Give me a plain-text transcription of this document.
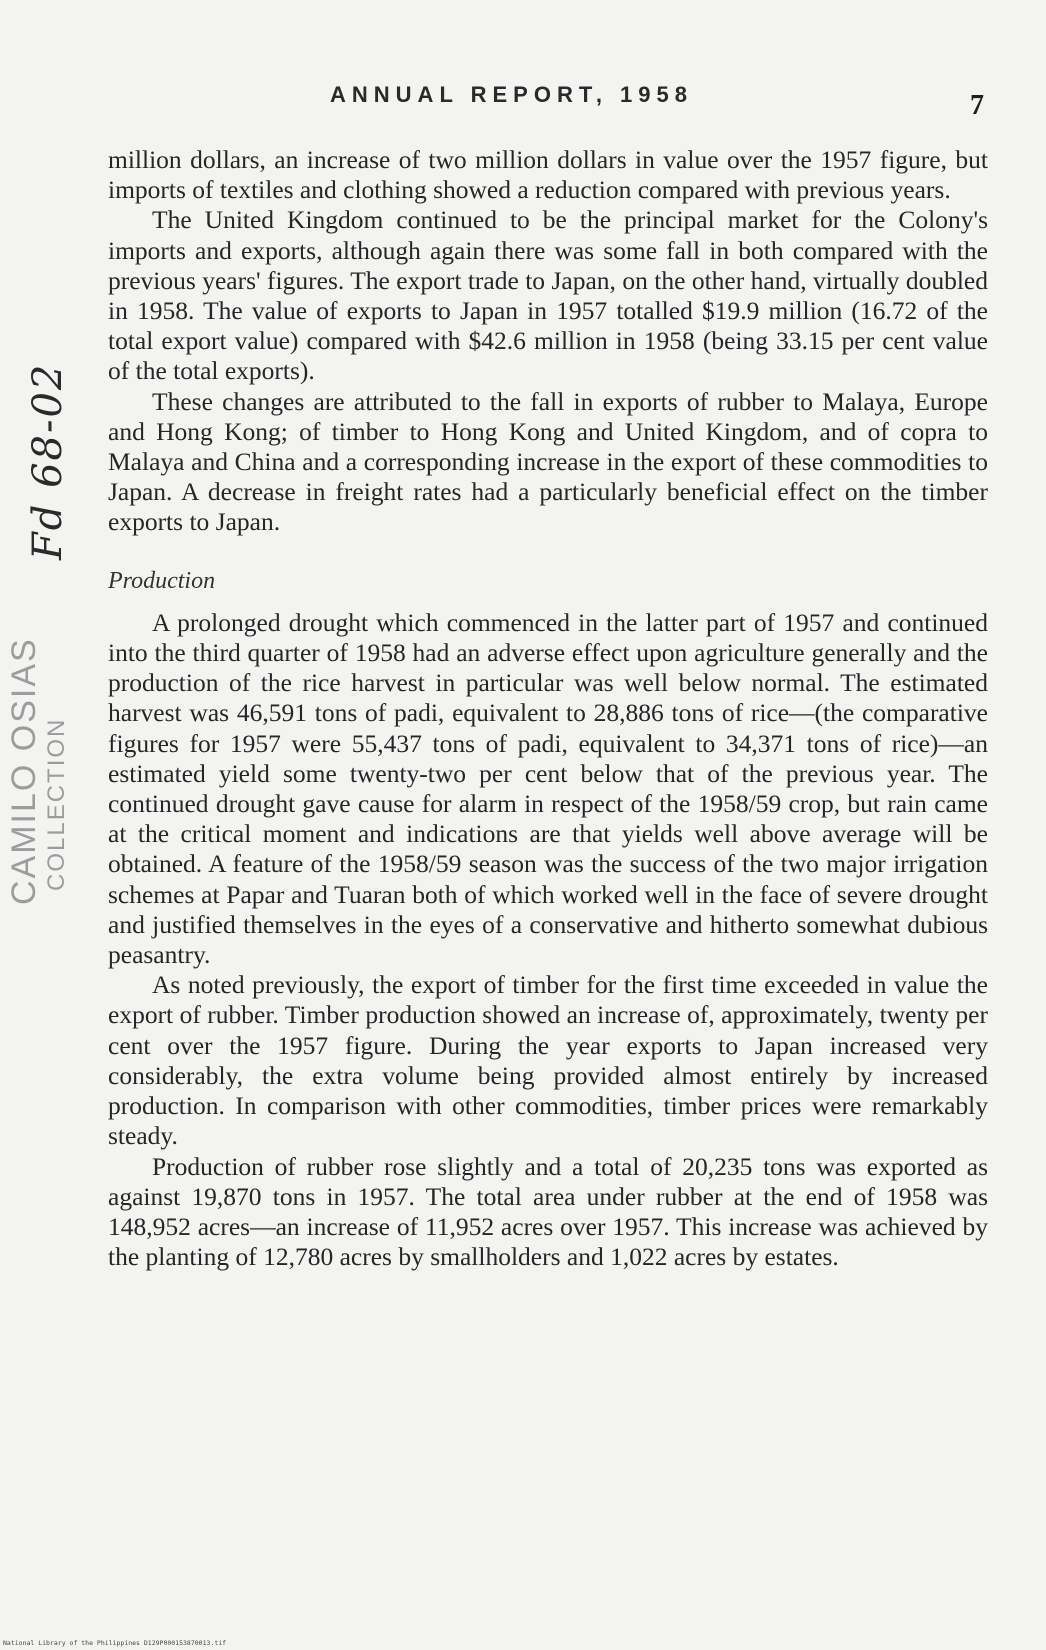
ANNUAL REPORT, 1958	7
Fd 68-02
CAMILO OSIAS COLLECTION

million dollars, an increase of two million dollars in value over the 1957 figure, but imports of textiles and clothing showed a reduction compared with previous years.

The United Kingdom continued to be the principal market for the Colony's imports and exports, although again there was some fall in both compared with the previous years' figures. The export trade to Japan, on the other hand, virtually doubled in 1958. The value of exports to Japan in 1957 totalled $19.9 million (16.72 of the total export value) compared with $42.6 million in 1958 (being 33.15 per cent value of the total exports).

These changes are attributed to the fall in exports of rubber to Malaya, Europe and Hong Kong; of timber to Hong Kong and United Kingdom, and of copra to Malaya and China and a corresponding increase in the export of these commodities to Japan. A decrease in freight rates had a particularly beneficial effect on the timber exports to Japan.

Production

A prolonged drought which commenced in the latter part of 1957 and continued into the third quarter of 1958 had an adverse effect upon agriculture generally and the production of the rice harvest in particular was well below normal. The estimated harvest was 46,591 tons of padi, equivalent to 28,886 tons of rice—(the comparative figures for 1957 were 55,437 tons of padi, equivalent to 34,371 tons of rice)—an estimated yield some twenty-two per cent below that of the previous year. The continued drought gave cause for alarm in respect of the 1958/59 crop, but rain came at the critical moment and indications are that yields well above average will be obtained. A feature of the 1958/59 season was the success of the two major irrigation schemes at Papar and Tuaran both of which worked well in the face of severe drought and justified themselves in the eyes of a conservative and hitherto somewhat dubious peasantry.

As noted previously, the export of timber for the first time exceeded in value the export of rubber. Timber production showed an increase of, approximately, twenty per cent over the 1957 figure. During the year exports to Japan increased very considerably, the extra volume being provided almost entirely by increased production. In comparison with other commodities, timber prices were remarkably steady.

Production of rubber rose slightly and a total of 20,235 tons was exported as against 19,870 tons in 1957. The total area under rubber at the end of 1958 was 148,952 acres—an increase of 11,952 acres over 1957. This increase was achieved by the planting of 12,780 acres by smallholders and 1,022 acres by estates.

National Library of the Philippines D129P000153870013.tif
